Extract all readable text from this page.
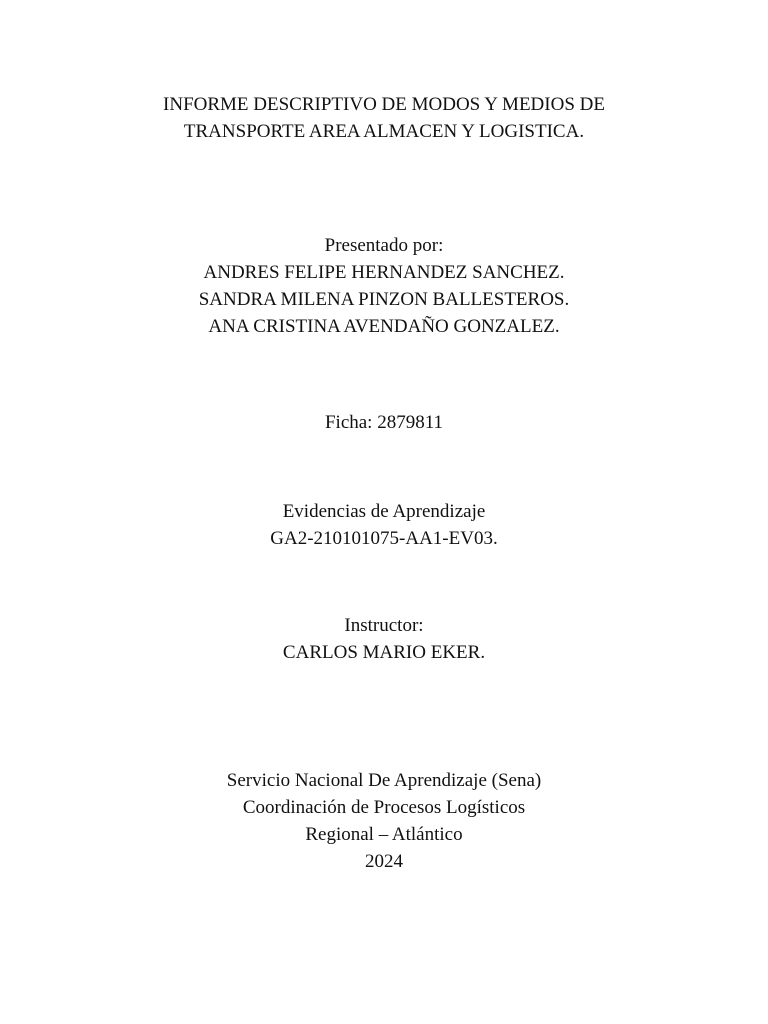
INFORME DESCRIPTIVO DE MODOS Y MEDIOS DE
TRANSPORTE AREA ALMACEN Y LOGISTICA.
Presentado por:
ANDRES FELIPE HERNANDEZ SANCHEZ.
SANDRA MILENA PINZON BALLESTEROS.
ANA CRISTINA AVENDAÑO GONZALEZ.
Ficha: 2879811
Evidencias de Aprendizaje
GA2-210101075-AA1-EV03.
Instructor:
CARLOS MARIO EKER.
Servicio Nacional De Aprendizaje (Sena)
Coordinación de Procesos Logísticos
Regional – Atlántico
2024
